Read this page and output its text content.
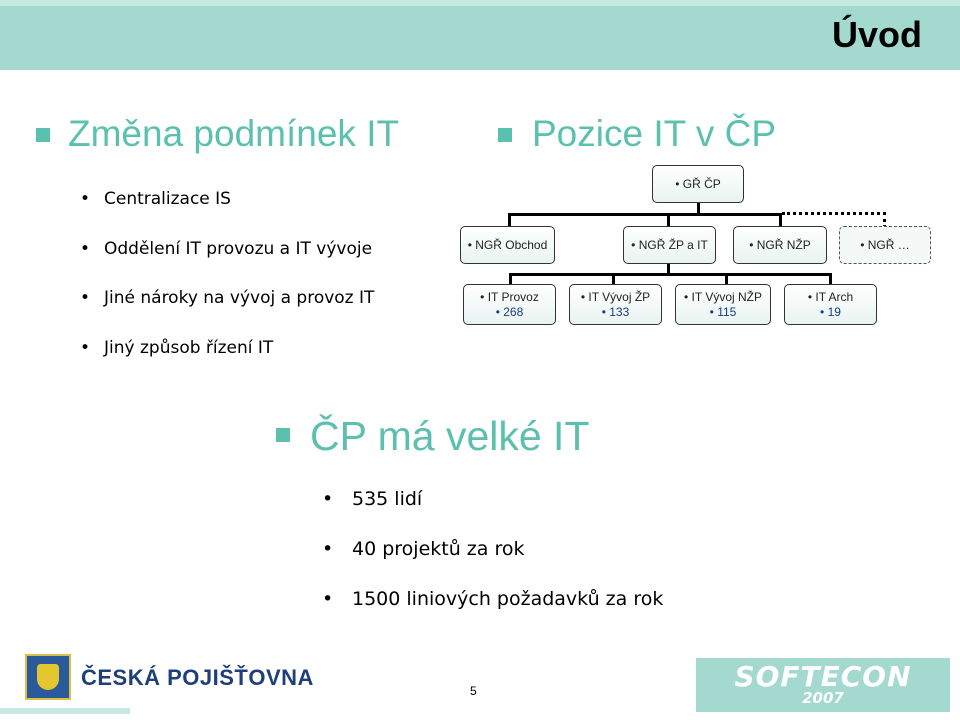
Úvod
Změna podmínek IT
• Centralizace IS
• Oddělení IT provozu a IT vývoje
• Jiné nároky na vývoj a provoz IT
• Jiný způsob řízení IT
Pozice IT v ČP
• GŘ ČP
• NGŘ Obchod	• NGŘ ŽP a IT	• NGŘ NŽP	• NGŘ …
• IT Provoz
• 268
• IT Vývoj ŽP
• 133
• IT Vývoj NŽP
• 115
• IT Arch
• 19
ČP má velké IT
• 535 lidí
• 40 projektů za rok
• 1500 liniových požadavků za rok
ČESKÁ POJIŠŤOVNA
5	SOFTECON
2007
